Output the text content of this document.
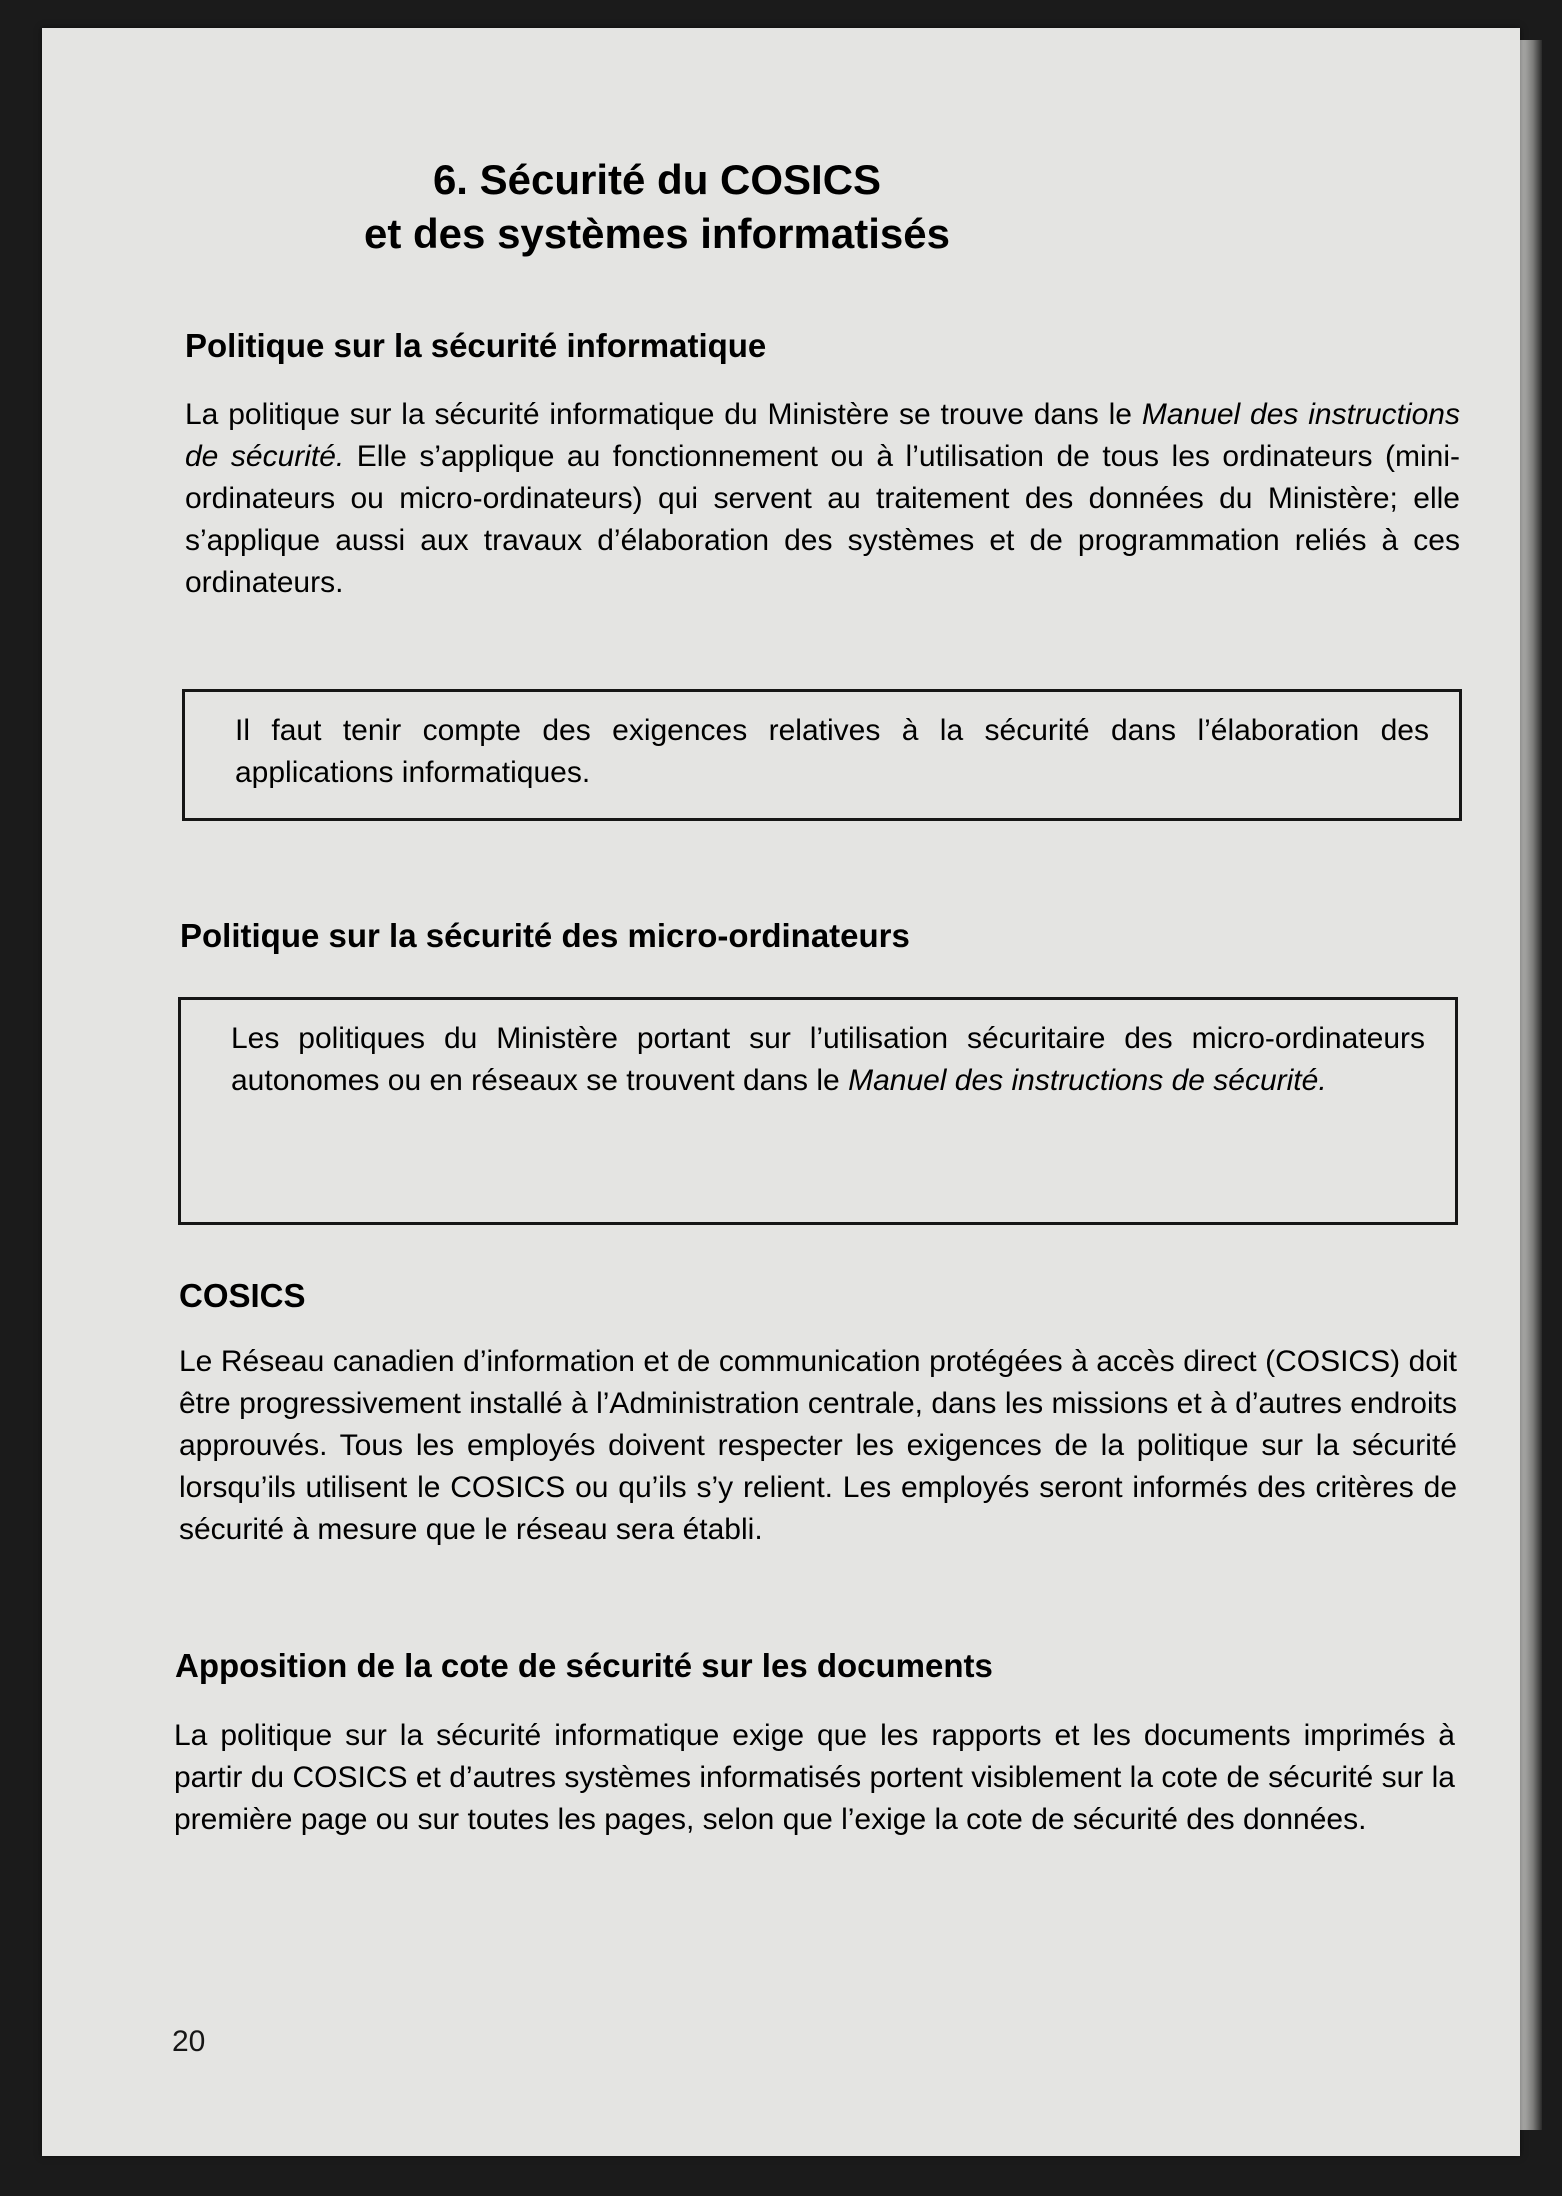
6. Sécurité du COSICS
et des systèmes informatisés
Politique sur la sécurité informatique

La politique sur la sécurité informatique du Ministère se trouve dans le Manuel des instructions de sécurité. Elle s’applique au fonctionnement ou à l’utilisation de tous les ordinateurs (mini-ordinateurs ou micro-ordinateurs) qui servent au traitement des données du Ministère; elle s’applique aussi aux travaux d’élaboration des systèmes et de programmation reliés à ces ordinateurs.

Il faut tenir compte des exigences relatives à la sécurité dans l’élaboration des applications informatiques.

Politique sur la sécurité des micro-ordinateurs

Les politiques du Ministère portant sur l’utilisation sécuritaire des micro-ordinateurs autonomes ou en réseaux se trouvent dans le Manuel des instructions de sécurité.

COSICS

Le Réseau canadien d’information et de communication protégées à accès direct (COSICS) doit être progressivement installé à l’Administration centrale, dans les missions et à d’autres endroits approuvés. Tous les employés doivent respecter les exigences de la politique sur la sécurité lorsqu’ils utilisent le COSICS ou qu’ils s’y relient. Les employés seront informés des critères de sécurité à mesure que le réseau sera établi.

Apposition de la cote de sécurité sur les documents

La politique sur la sécurité informatique exige que les rapports et les documents imprimés à partir du COSICS et d’autres systèmes informatisés portent visiblement la cote de sécurité sur la première page ou sur toutes les pages, selon que l’exige la cote de sécurité des données.

20
